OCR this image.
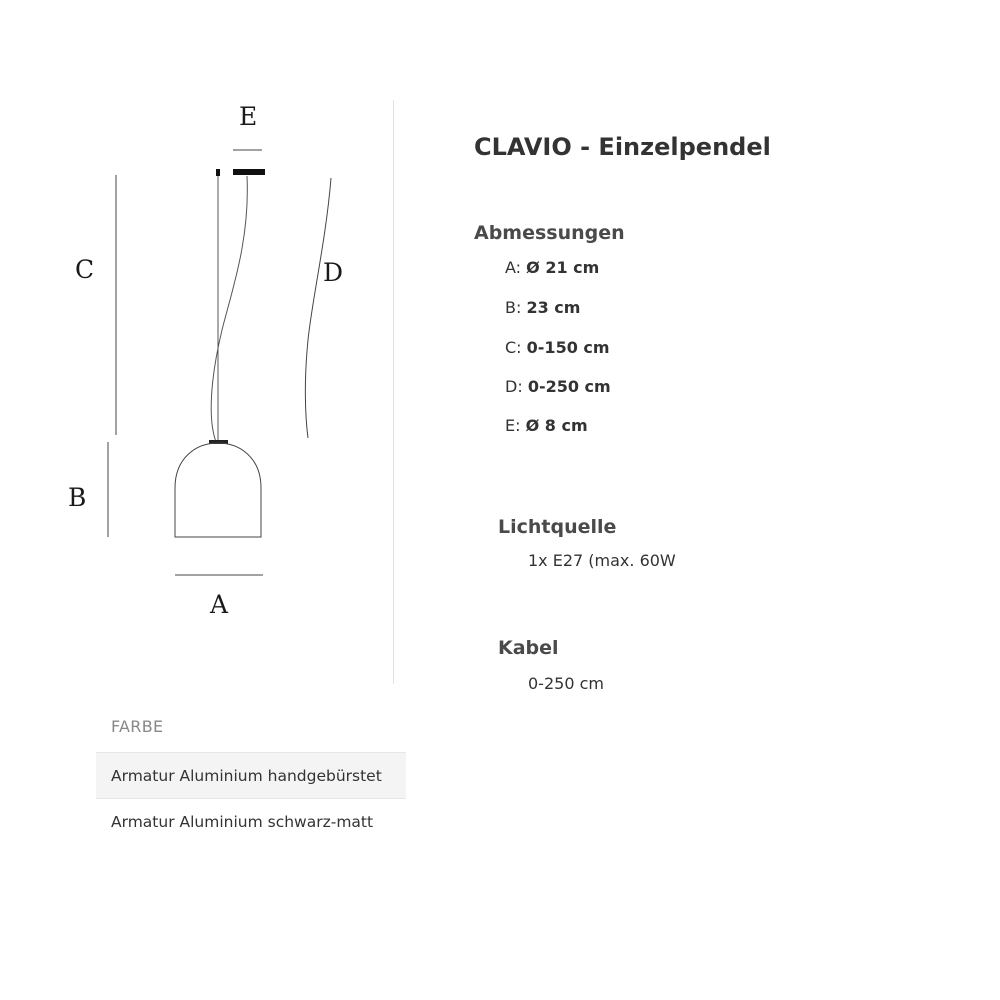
E
C	D
B
A
CLAVIO - Einzelpendel
Abmessungen
A: Ø 21 cm
B: 23 cm
C: 0-150 cm
D: 0-250 cm
E: Ø 8 cm
Lichtquelle
1x E27 (max. 60W
Kabel
0-250 cm
FARBE
Armatur Aluminium handgebürstet
Armatur Aluminium schwarz-matt
